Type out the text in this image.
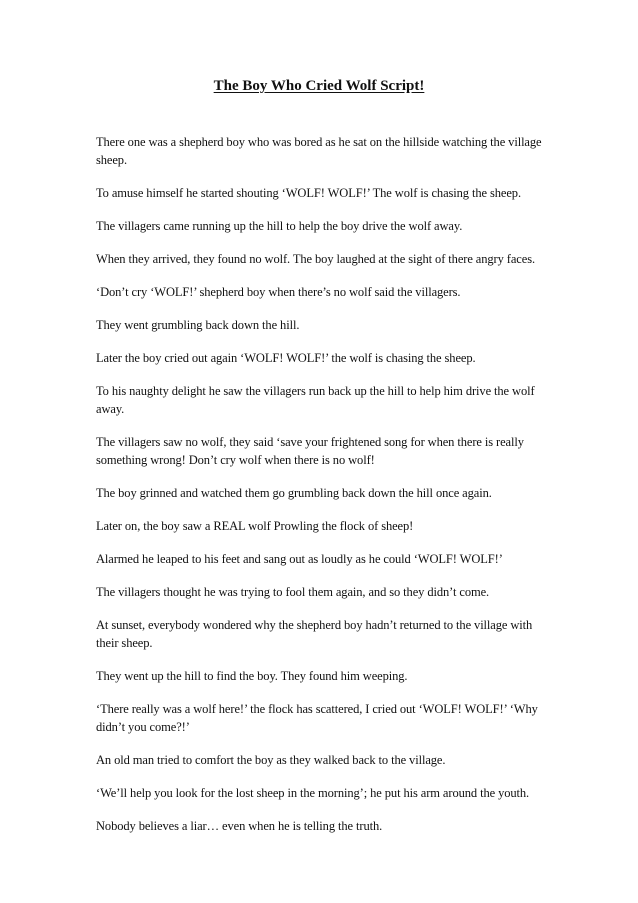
The Boy Who Cried Wolf Script!

There one was a shepherd boy who was bored as he sat on the hillside watching the village sheep.

To amuse himself he started shouting ‘WOLF! WOLF!’ The wolf is chasing the sheep.

The villagers came running up the hill to help the boy drive the wolf away.

When they arrived, they found no wolf. The boy laughed at the sight of there angry faces.

‘Don’t cry ‘WOLF!’ shepherd boy when there’s no wolf said the villagers.

They went grumbling back down the hill.

Later the boy cried out again ‘WOLF! WOLF!’ the wolf is chasing the sheep.

To his naughty delight he saw the villagers run back up the hill to help him drive the wolf away.

The villagers saw no wolf, they said ‘save your frightened song for when there is really something wrong! Don’t cry wolf when there is no wolf!

The boy grinned and watched them go grumbling back down the hill once again.

Later on, the boy saw a REAL wolf Prowling the flock of sheep!

Alarmed he leaped to his feet and sang out as loudly as he could ‘WOLF! WOLF!’

The villagers thought he was trying to fool them again, and so they didn’t come.

At sunset, everybody wondered why the shepherd boy hadn’t returned to the village with their sheep.

They went up the hill to find the boy. They found him weeping.

‘There really was a wolf here!’ the flock has scattered, I cried out ‘WOLF! WOLF!’ ‘Why didn’t you come?!’

An old man tried to comfort the boy as they walked back to the village.

‘We’ll help you look for the lost sheep in the morning’; he put his arm around the youth.

Nobody believes a liar… even when he is telling the truth.
